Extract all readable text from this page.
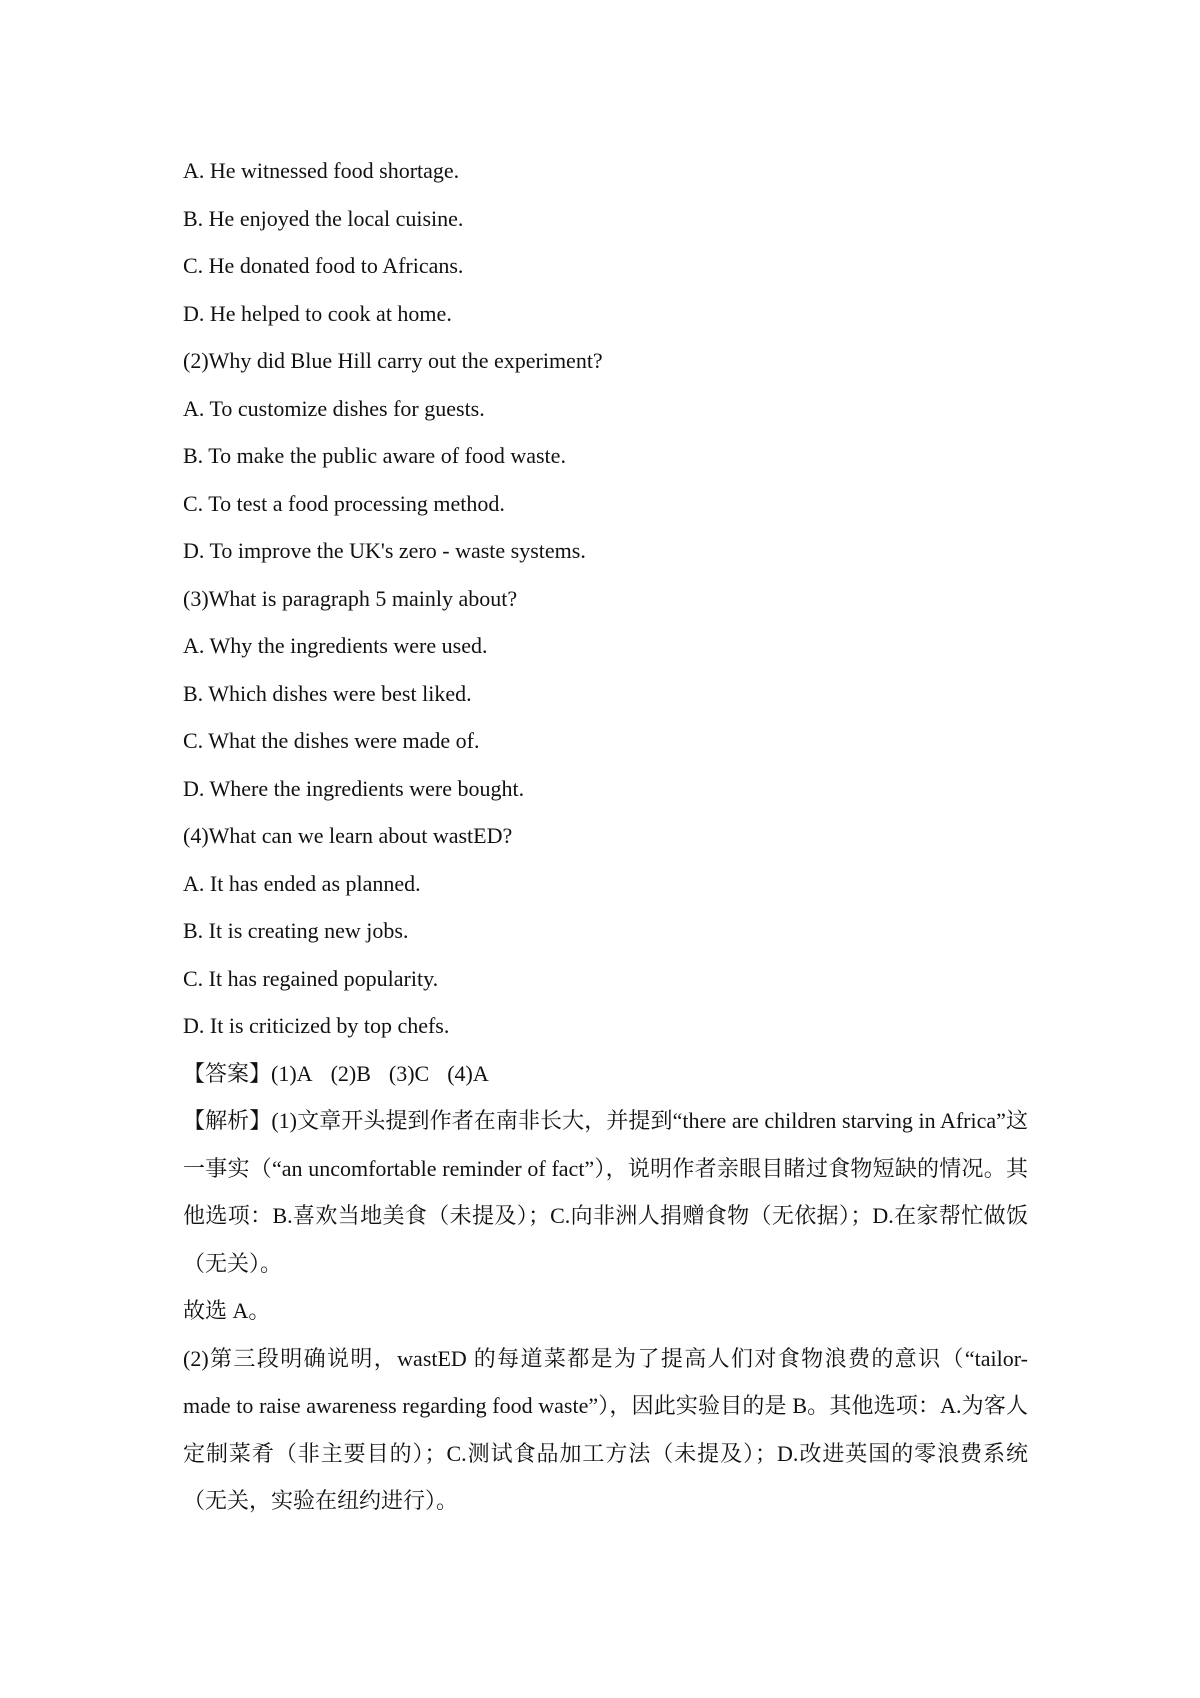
A. He witnessed food shortage.
B. He enjoyed the local cuisine.
C. He donated food to Africans.
D. He helped to cook at home.
(2)Why did Blue Hill carry out the experiment?
A. To customize dishes for guests.
B. To make the public aware of food waste.
C. To test a food processing method.
D. To improve the UK's zero - waste systems.
(3)What is paragraph 5 mainly about?
A. Why the ingredients were used.
B. Which dishes were best liked.
C. What the dishes were made of.
D. Where the ingredients were bought.
(4)What can we learn about wastED?
A. It has ended as planned.
B. It is creating new jobs.
C. It has regained popularity.
D. It is criticized by top chefs.
【答案】(1)A (2)B (3)C (4)A

【解析】(1)文章开头提到作者在南非长大，并提到“there are children starving in Africa”这一事实（“an uncomfortable reminder of fact”），说明作者亲眼目睹过食物短缺的情况。其他选项：B.喜欢当地美食（未提及）；C.向非洲人捐赠食物（无依据）；D.在家帮忙做饭（无关）。

故选 A。

(2)第三段明确说明，wastED 的每道菜都是为了提高人们对食物浪费的意识（“tailor-made to raise awareness regarding food waste”），因此实验目的是 B。其他选项：A.为客人定制菜肴（非主要目的）；C.测试食品加工方法（未提及）；D.改进英国的零浪费系统（无关，实验在纽约进行）。
